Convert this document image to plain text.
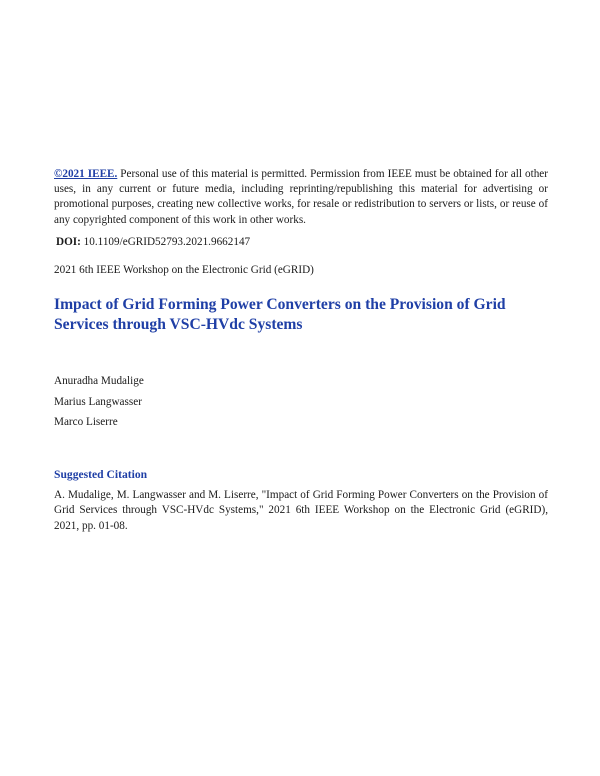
©2021 IEEE. Personal use of this material is permitted. Permission from IEEE must be obtained for all other uses, in any current or future media, including reprinting/republishing this material for advertising or promotional purposes, creating new collective works, for resale or redistribution to servers or lists, or reuse of any copyrighted component of this work in other works.
DOI: 10.1109/eGRID52793.2021.9662147
2021 6th IEEE Workshop on the Electronic Grid (eGRID)
Impact of Grid Forming Power Converters on the Provision of Grid Services through VSC-HVdc Systems
Anuradha Mudalige
Marius Langwasser
Marco Liserre
Suggested Citation
A. Mudalige, M. Langwasser and M. Liserre, "Impact of Grid Forming Power Converters on the Provision of Grid Services through VSC-HVdc Systems," 2021 6th IEEE Workshop on the Electronic Grid (eGRID), 2021, pp. 01-08.
